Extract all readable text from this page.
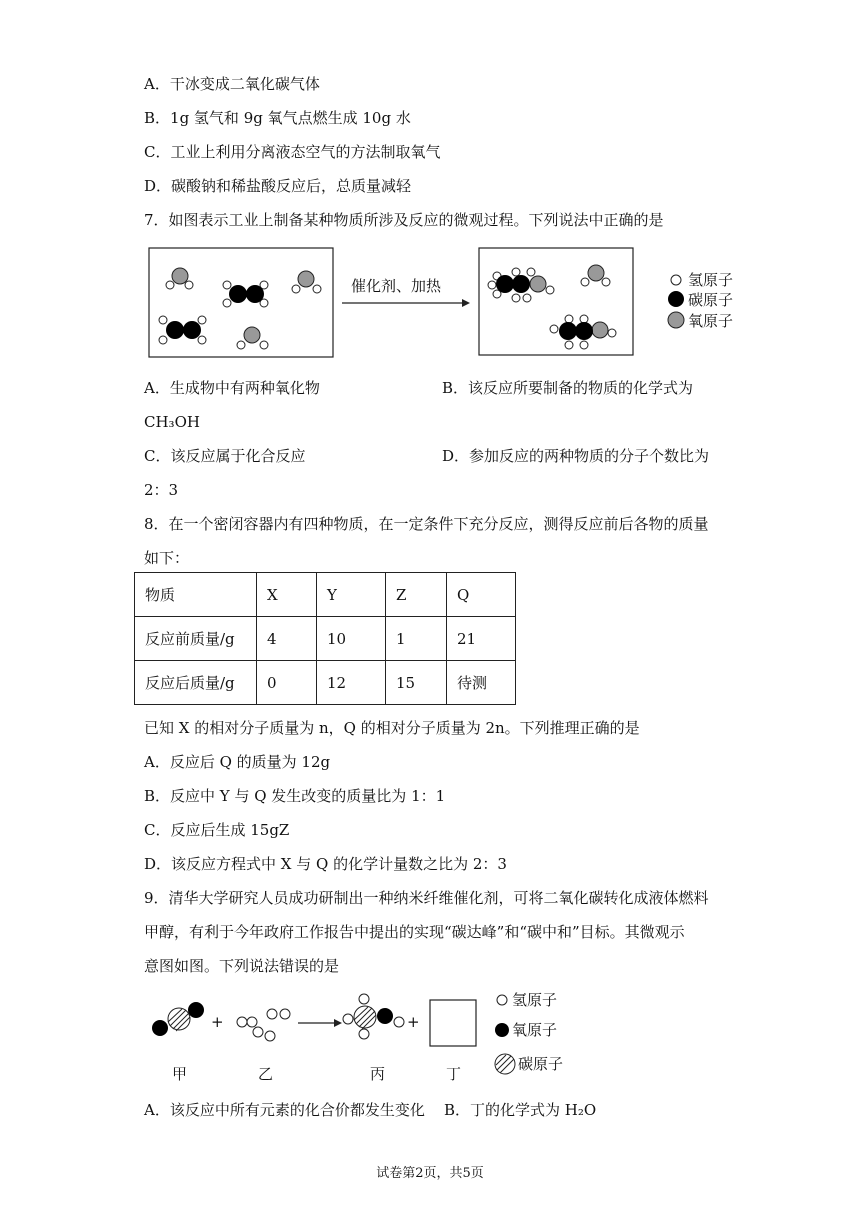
A．干冰变成二氧化碳气体
B．1g 氢气和 9g 氧气点燃生成 10g 水
C．工业上利用分离液态空气的方法制取氧气
D．碳酸钠和稀盐酸反应后，总质量减轻
7．如图表示工业上制备某种物质所涉及反应的微观过程。下列说法中正确的是
催化剂、加热	氢原子
碳原子
氧原子
A．生成物中有两种氧化物	B．该反应所要制备的物质的化学式为
CH₃OH
C．该反应属于化合反应	D．参加反应的两种物质的分子个数比为
2：3
8．在一个密闭容器内有四种物质，在一定条件下充分反应，测得反应前后各物的质量
如下：
物质	X	Y	Z	Q
反应前质量/g	4	10	1	21
反应后质量/g	0	12	15	待测
已知 X 的相对分子质量为 n，Q 的相对分子质量为 2n。下列推理正确的是
A．反应后 Q 的质量为 12g
B．反应中 Y 与 Q 发生改变的质量比为 1：1
C．反应后生成 15gZ
D．该反应方程式中 X 与 Q 的化学计量数之比为 2：3
9．清华大学研究人员成功研制出一种纳米纤维催化剂，可将二氧化碳转化成液体燃料
甲醇，有利于今年政府工作报告中提出的实现“碳达峰”和“碳中和”目标。其微观示
意图如图。下列说法错误的是
+	+
甲	乙	丙	丁
氢原子
氧原子
碳原子
A．该反应中所有元素的化合价都发生变化 B．丁的化学式为 H₂O
试卷第2页，共5页
